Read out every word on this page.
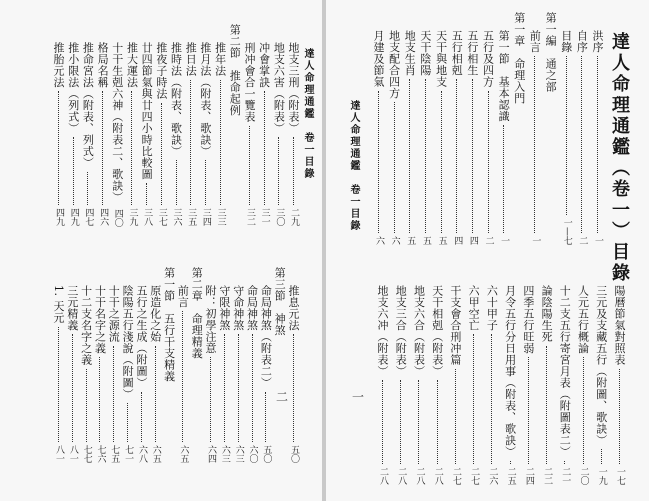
地支三刑（附表）
二九
地支六害（附表）
三〇
冲會掌訣
三一
刑冲會合一覽表
三二
第二節　推命起例
推年法
三三
推月法（附表、歌訣）
三四
推日法
三五
推時法（附表、歌訣）
三六
推夜子時法
三七
廿四節氣與廿四小時比較圖
三八
推大運法
三九
十干生剋六神（附表二、歌訣）
四〇
格局名稱
四六
推命宮法（附表、列式）
四七
推小限法（列式）
四九
推胎元法
四九
推息元法
五〇
第三節　神煞
命局神煞（附表二）
五〇
命局神煞
六〇
守命神煞
六三
守限神煞
六三
附：初學注意
六四
第二章　命理精義
前言
六五
第一節　五行干支精義
原造化之始
六五
五行之生成（附圖）
六八
陰陽五行淺說（附圖）
七一
十干之源流
七五
十干名字之義
七六
十二支名字之義
七七
三元精義
八一
1. 天元
八一
達人命理通鑑　卷一目錄
二
達人命理通鑑（卷一）目錄
達人命理通鑑　卷一目錄
洪序
一
自序
二
目錄
一—七
第一編　通之部
前言
一
第一章　命理入門
第一節　基本認識
一
五行及四方
二
五行相生
四
五行相剋
四
天干與地支
五
天干陰陽
五
地支生肖
五
地支配合四方
六
月建及節氣
六
陽曆節氣對照表
一七
三元及支藏五行（附圖、歌訣）
一九
人元五行概論
二〇
十二支五行寄宮月表（附圖表二）
二一
論陰陽生死
二二
四季五行旺弱
二四
月令五行分日用事（附表、歌訣）
二五
六十甲子
二六
六甲空亡
二七
干支會合刑冲篇
二七
天干相剋（附表）
二八
地支六合（附表）
二八
地支三合（附表）
二八
地支六冲（附表）
二八
一
